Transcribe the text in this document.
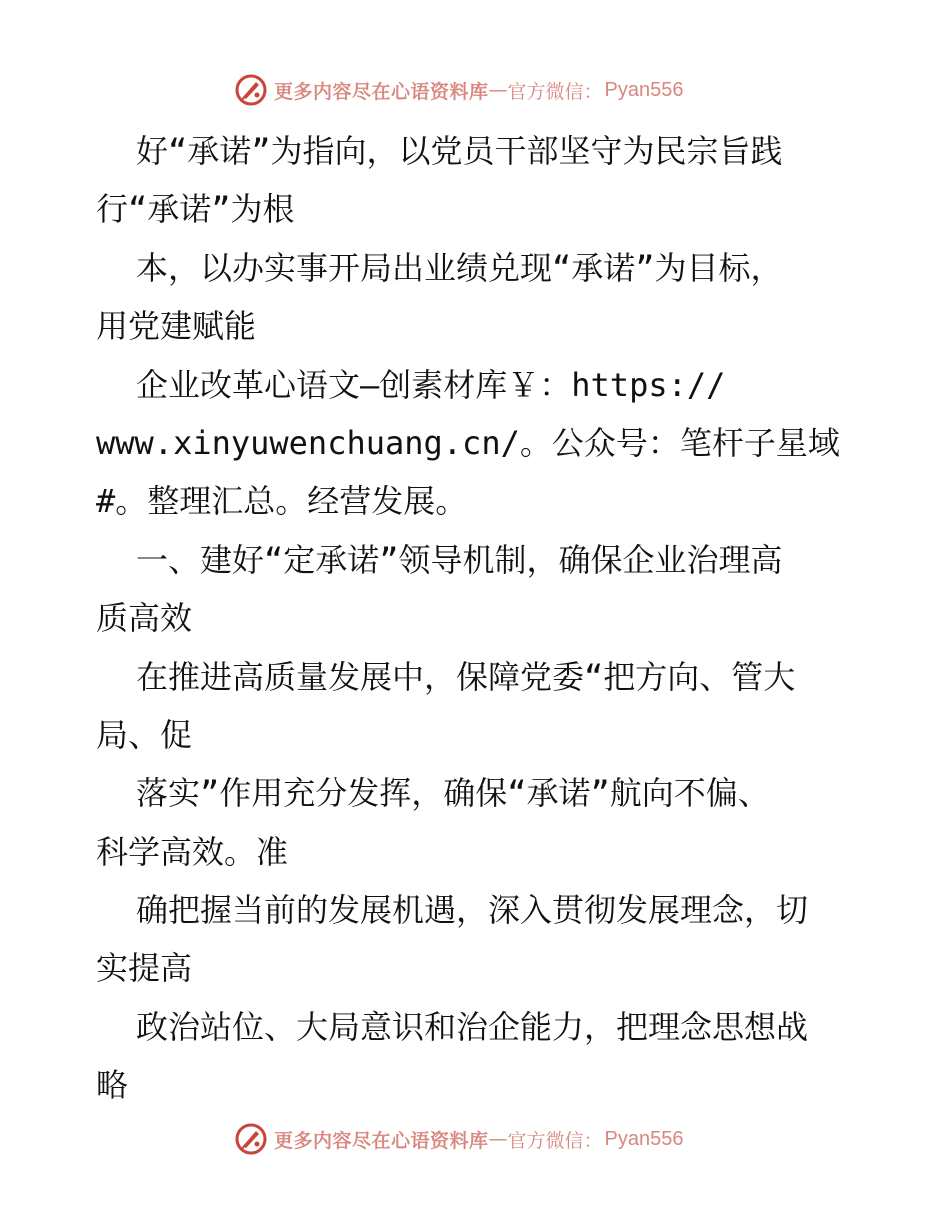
更多内容尽在心语资料库 — 官方微信： Pyan556
好“承诺”为指向，以党员干部坚守为民宗旨践
行“承诺”为根
本，以办实事开局出业绩兑现“承诺”为目标，
用党建赋能
企业改革心语文—创素材库￥：https://
www.xinyuwenchuang.cn/。公众号：笔杆子星域
#。整理汇总。经营发展。
一、建好“定承诺”领导机制，确保企业治理高
质高效
在推进高质量发展中，保障党委“把方向、管大
局、促
落实”作用充分发挥，确保“承诺”航向不偏、
科学高效。准
确把握当前的发展机遇，深入贯彻发展理念，切
实提高
政治站位、大局意识和治企能力，把理念思想战
略
更多内容尽在心语资料库 — 官方微信： Pyan556
